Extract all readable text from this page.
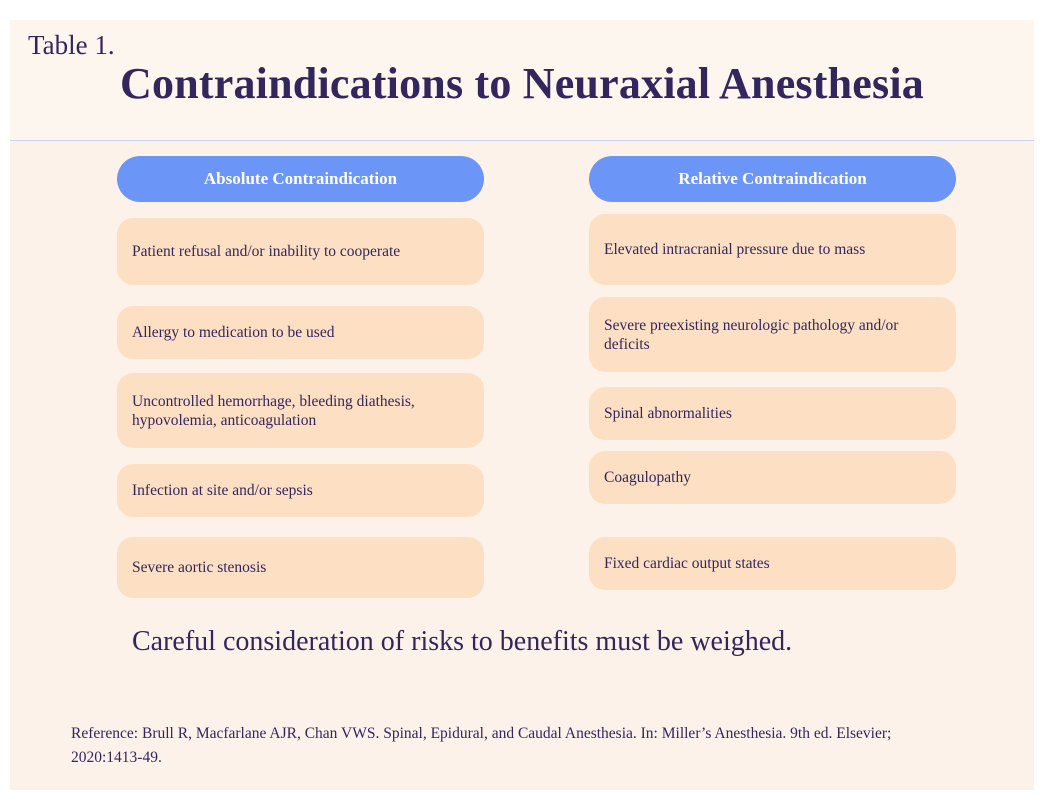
Table 1.
Contraindications to Neuraxial Anesthesia
Absolute Contraindication
Patient refusal and/or inability to cooperate
Allergy to medication to be used
Uncontrolled hemorrhage, bleeding diathesis, hypovolemia, anticoagulation
Infection at site and/or sepsis
Severe aortic stenosis
Relative Contraindication
Elevated intracranial pressure due to mass
Severe preexisting neurologic pathology and/or deficits
Spinal abnormalities
Coagulopathy
Fixed cardiac output states
Careful consideration of risks to benefits must be weighed.
Reference: Brull R, Macfarlane AJR, Chan VWS. Spinal, Epidural, and Caudal Anesthesia. In: Miller’s Anesthesia. 9th ed. Elsevier; 2020:1413-49.
